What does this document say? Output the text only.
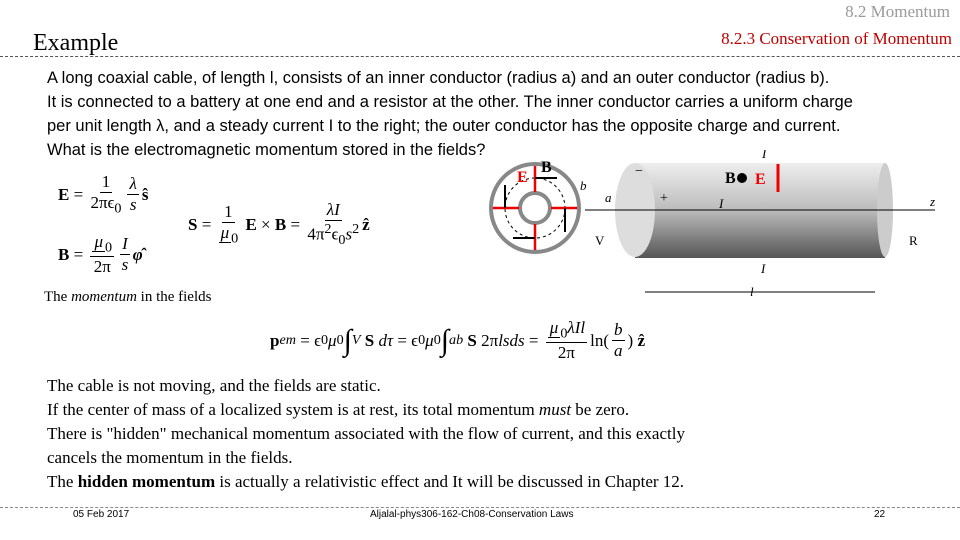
8.2 Momentum
Example	8.2.3 Conservation of Momentum
A long coaxial cable, of length l, consists of an inner conductor (radius a) and an outer conductor (radius b).
It is connected to a battery at one end and a resistor at the other. The inner conductor carries a uniform charge
per unit length λ, and a steady current I to the right; the outer conductor has the opposite charge and current.
What is the electromagnetic momentum stored in the fields?
$E = \frac{1}{2\pi\epsilon_0} \frac{\lambda}{s}$ ŝ
$B = \frac{\mu _0}{2\pi} \frac{I}{s}$ φ̂
$S = \frac{1}{\mu _0}$
$E \times B = \frac{\lambda I}{4\pi^2\epsilon_0s^2}$ ẑ
E
B	−
+
B E
b
a
I
I
I
z
V	R
l
The momentum in the fields
p em = ϵ 0 μ 0 ∫ V
S
dτ = ϵ 0 μ 0 ∫ a b
S 2π lsds = $\frac{\mu _0\lambda Il}{2\pi} \ln( \frac{b}{a}$ ) ẑ
The cable is not moving, and the fields are static.
If the center of mass of a localized system is at rest, its total momentum must be zero.
There is "hidden" mechanical momentum associated with the flow of current, and this exactly
cancels the momentum in the fields.
The hidden momentum is actually a relativistic effect and It will be discussed in Chapter 12.
05 Feb 2017	Aljalal-phys306-162-Ch08-Conservation Laws	22
